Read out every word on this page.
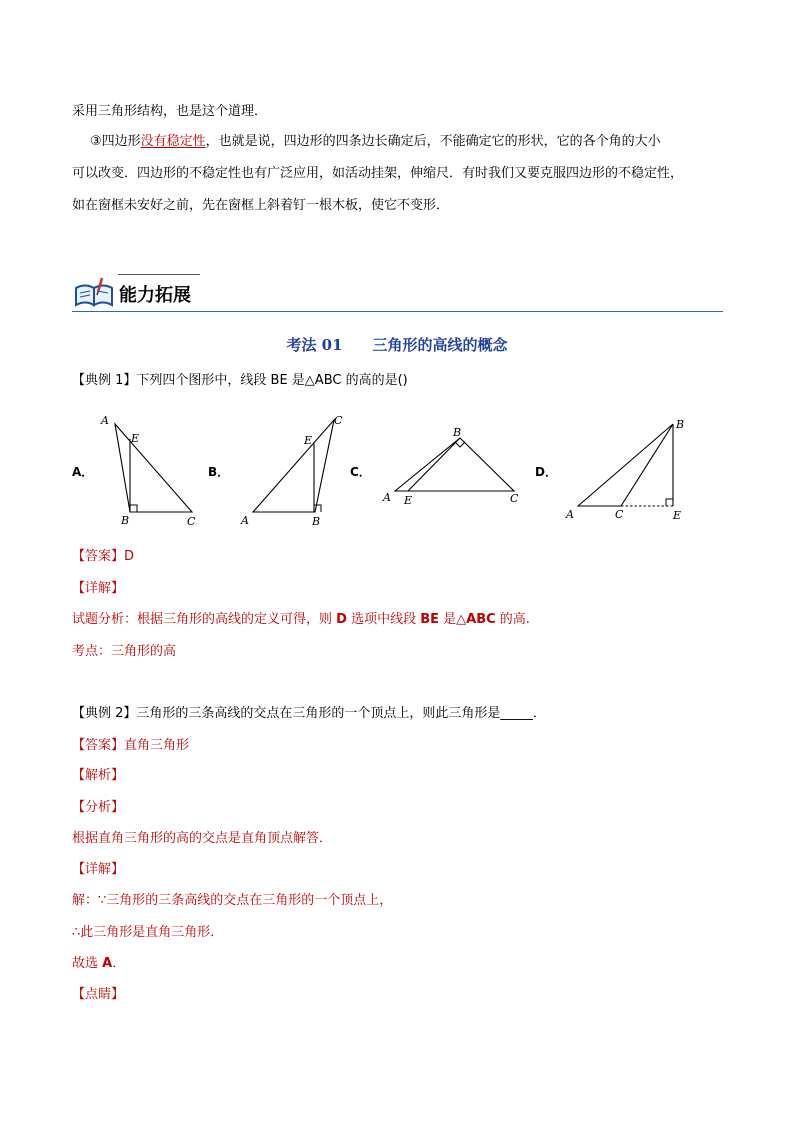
采用三角形结构，也是这个道理．
③四边形没有稳定性，也就是说，四边形的四条边长确定后，不能确定它的形状，它的各个角的大小
可以改变．四边形的不稳定性也有广泛应用，如活动挂架，伸缩尺．有时我们又要克服四边形的不稳定性，
如在窗框未安好之前，先在窗框上斜着钉一根木板，使它不变形．
能力拓展
考法 01　　三角形的高线的概念
【典例 1】下列四个图形中，线段 BE 是△ABC 的高的是()
A．	B．	C．	D．
A
E
B	C
C
E
A	B
B
A E	C
B
A	C	E
【答案】D
【详解】
试题分析：根据三角形的高线的定义可得，则 D 选项中线段 BE 是△ABC 的高.
考点：三角形的高
【典例 2】三角形的三条高线的交点在三角形的一个顶点上，则此三角形是_____．
【答案】直角三角形
【解析】
【分析】
根据直角三角形的高的交点是直角顶点解答．
【详解】
解：∵三角形的三条高线的交点在三角形的一个顶点上，
∴此三角形是直角三角形．
故选 A．
【点睛】
